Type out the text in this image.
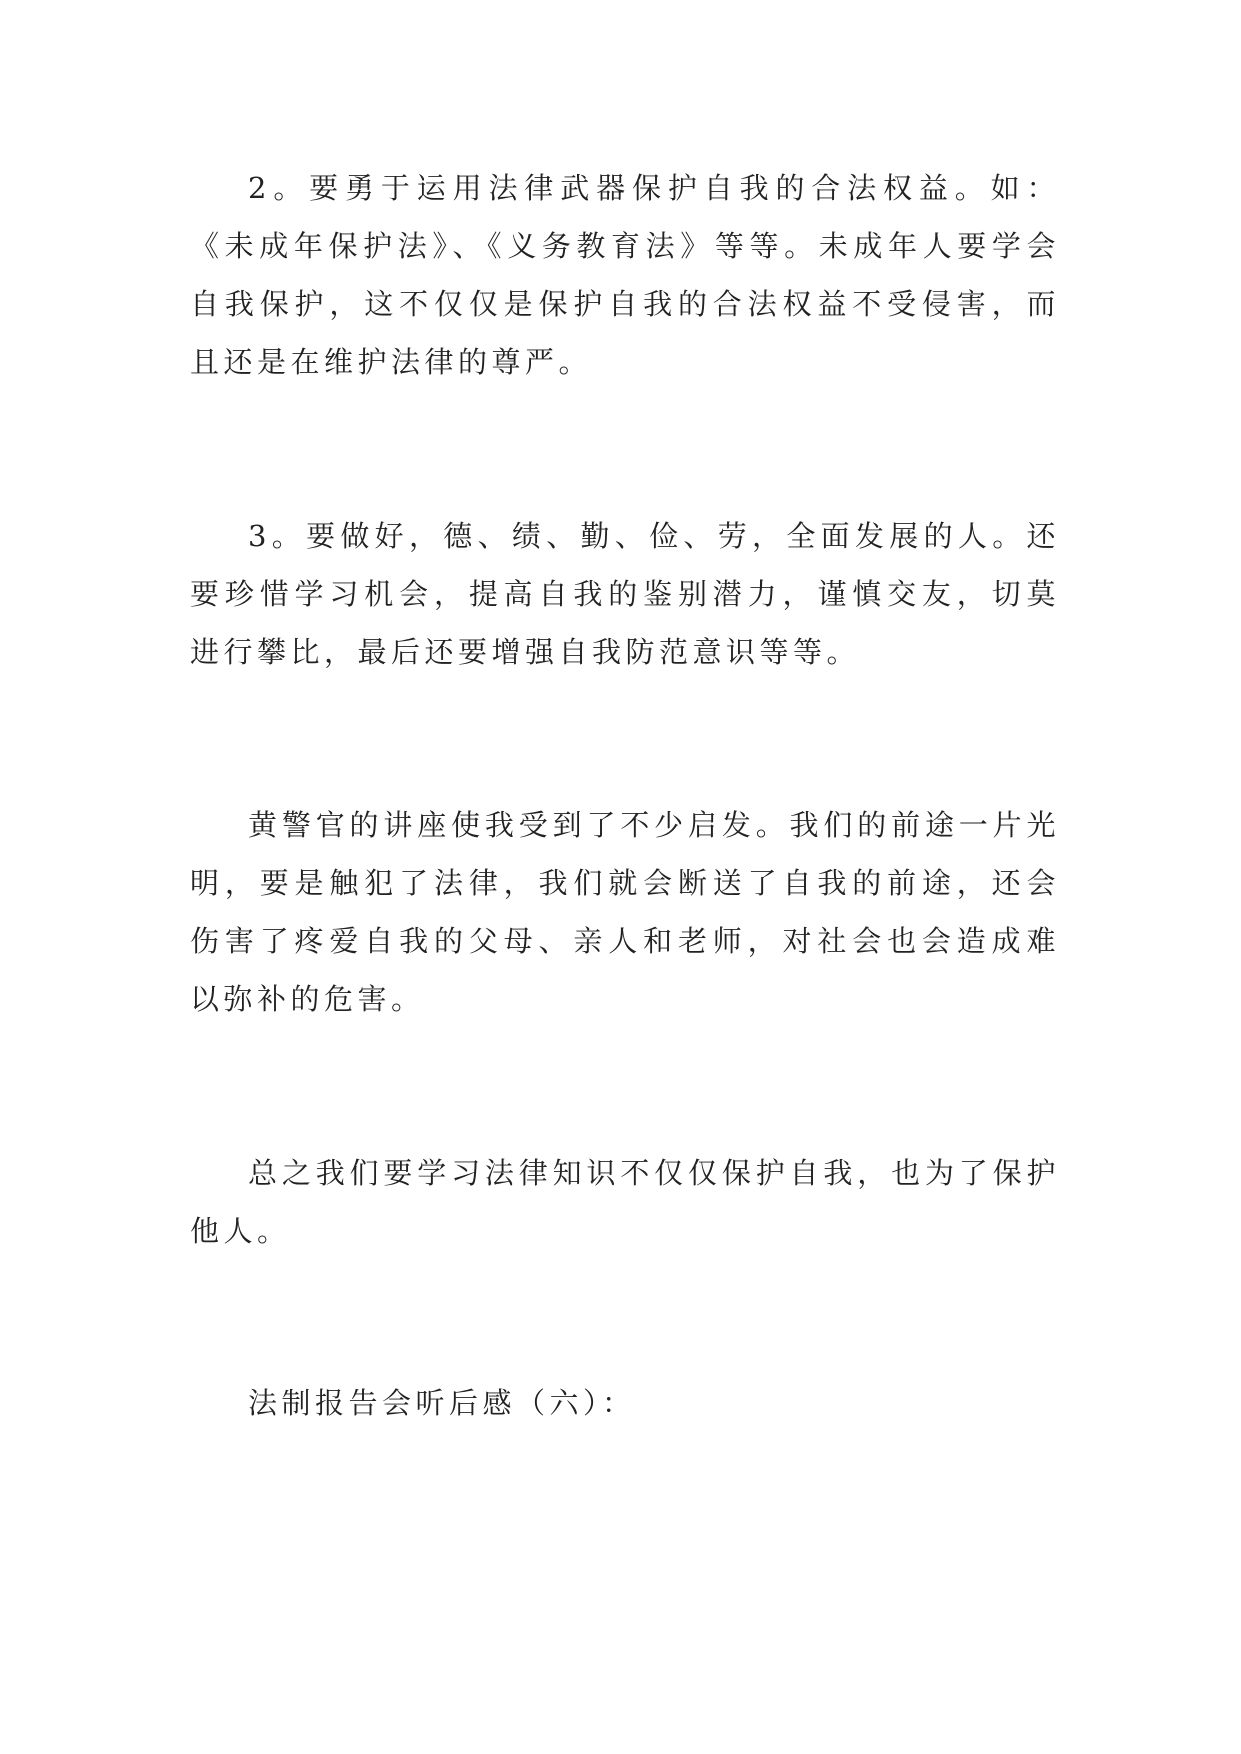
2。要勇于运用法律武器保护自我的合法权益。如：《未成年保护法》、《义务教育法》等等。未成年人要学会自我保护，这不仅仅是保护自我的合法权益不受侵害，而且还是在维护法律的尊严。

3。要做好，德、绩、勤、俭、劳，全面发展的人。还要珍惜学习机会，提高自我的鉴别潜力，谨慎交友，切莫进行攀比，最后还要增强自我防范意识等等。

黄警官的讲座使我受到了不少启发。我们的前途一片光明，要是触犯了法律，我们就会断送了自我的前途，还会伤害了疼爱自我的父母、亲人和老师，对社会也会造成难以弥补的危害。

总之我们要学习法律知识不仅仅保护自我，也为了保护他人。

法制报告会听后感（六）：
